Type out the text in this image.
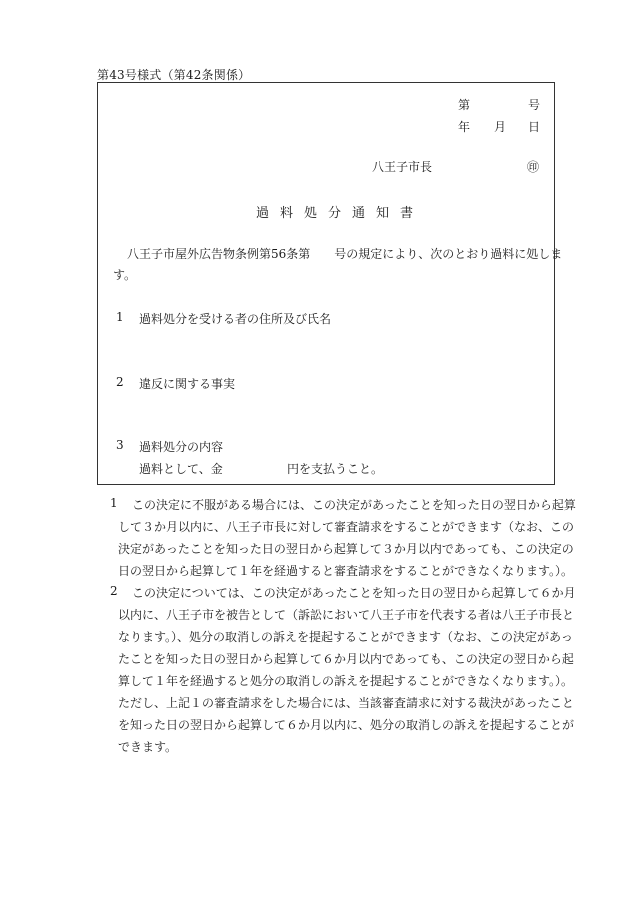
第43号様式（第42条関係）
第	号
年 月 日
八王子市長	㊞
過 料 処 分 通 知 書
八王子市屋外広告物条例第56条第　　号の規定により、次のとおり過料に処しま
す。
1 過料処分を受ける者の住所及び氏名
2 違反に関する事実
3 過料処分の内容
過料として、金	円を支払うこと。
1 この決定に不服がある場合には、この決定があったことを知った日の翌日から起算
して３か月以内に、八王子市長に対して審査請求をすることができます（なお、この
決定があったことを知った日の翌日から起算して３か月以内であっても、この決定の
日の翌日から起算して１年を経過すると審査請求をすることができなくなります。）。
2 この決定については、この決定があったことを知った日の翌日から起算して６か月
以内に、八王子市を被告として（訴訟において八王子市を代表する者は八王子市長と
なります。）、処分の取消しの訴えを提起することができます（なお、この決定があっ
たことを知った日の翌日から起算して６か月以内であっても、この決定の翌日から起
算して１年を経過すると処分の取消しの訴えを提起することができなくなります。）。
ただし、上記１の審査請求をした場合には、当該審査請求に対する裁決があったこと
を知った日の翌日から起算して６か月以内に、処分の取消しの訴えを提起することが
できます。
